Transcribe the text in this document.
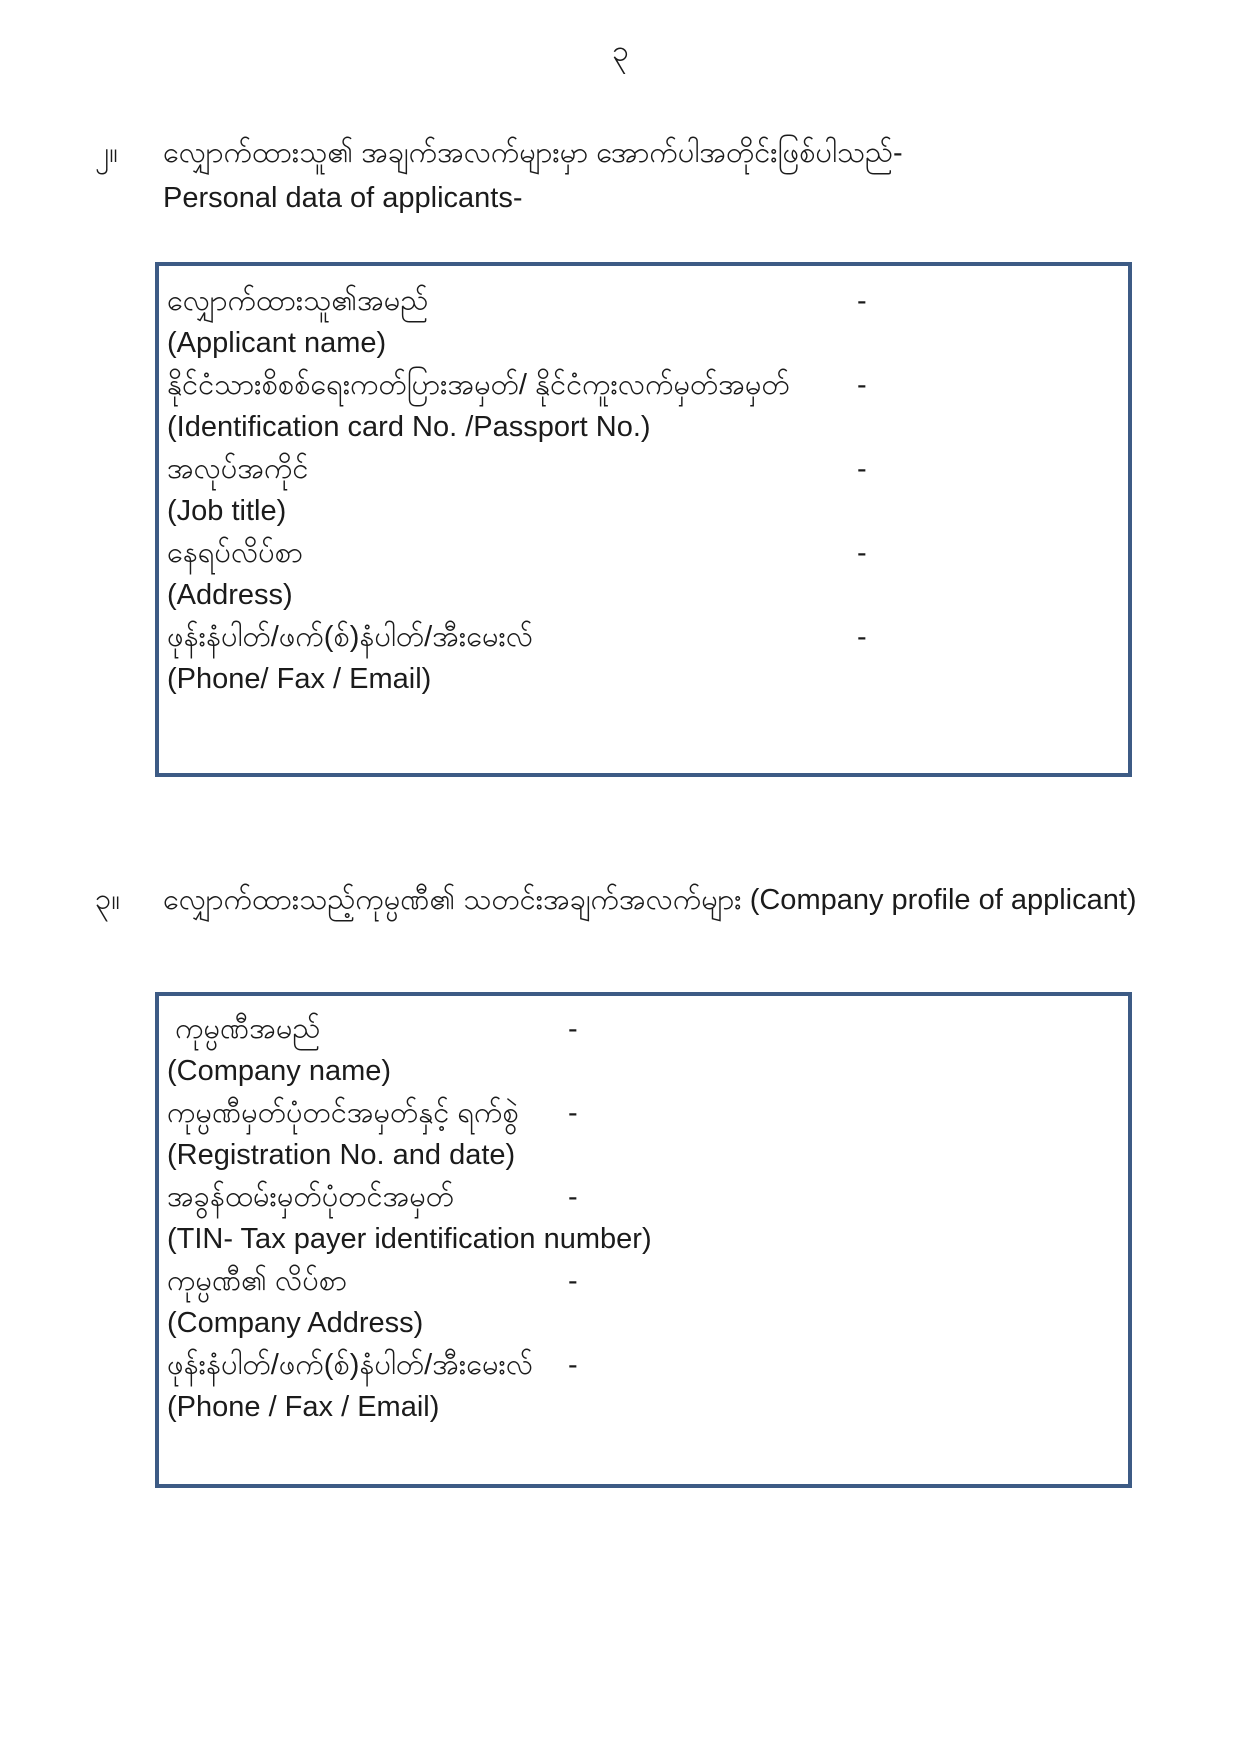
၃
၂။	လျှောက်ထားသူ၏ အချက်အလက်များမှာ အောက်ပါအတိုင်းဖြစ်ပါသည်-
Personal data of applicants-
လျှောက်ထားသူ၏အမည်	-
(Applicant name)
နိုင်ငံသားစိစစ်ရေးကတ်ပြားအမှတ်/ နိုင်ငံကူးလက်မှတ်အမှတ် -
(Identification card No. /Passport No.)
အလုပ်အကိုင်	-
(Job title)
နေရပ်လိပ်စာ	-
(Address)
ဖုန်းနံပါတ်/ဖက်(စ်)နံပါတ်/အီးမေးလ်	-
(Phone/ Fax / Email)
၃။	လျှောက်ထားသည့်ကုမ္ပဏီ၏ သတင်းအချက်အလက်များ (Company profile of applicant)
ကုမ္ပဏီအမည်	-
(Company name)
ကုမ္ပဏီမှတ်ပုံတင်အမှတ်နှင့် ရက်စွဲ -
(Registration No. and date)
အခွန်ထမ်းမှတ်ပုံတင်အမှတ်	-
(TIN- Tax payer identification number)
ကုမ္ပဏီ၏ လိပ်စာ	-
(Company Address)
ဖုန်းနံပါတ်/ဖက်(စ်)နံပါတ်/အီးမေးလ် -
(Phone / Fax / Email)
